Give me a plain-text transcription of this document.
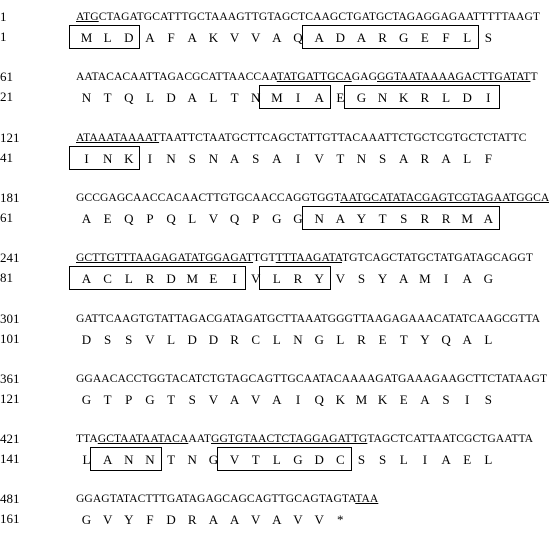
1
1
ATGCTAGATGCATTTGCTAAAGTTGTAGCTCAAGCTGATGCTAGAGGAGAATTTTTAAGT
M L D A F A K V V A Q A D A R G E	F	L	S
61
21
AATACACAATTAGACGCATTAACCAATATGATTGCAGAGGGTAATAAAAGACTTGATATT
N T Q L D A L	T N M	I	A E G N K R L D	I
121
41
ATAAATAAAATTAATTCTAATGCTTCAGCTATTGTTACAAATTCTGCTCGTGCTCTATTC
I	N K	I	N S N A S A	I	V T N S A R A L	F
181
61
GCCGAGCAACCACAACTTGTGCAACCAGGTGGTAATGCATATACGAGTCGTAGAATGGCA
A E Q P Q L V Q P G G N A Y T	S	R R M A
241
81
GCTTGTTTAAGAGATATGGAGATTGTTTTAAGATATGTCAGCTATGCTATGATAGCAGGT
A C L R D M E	I	V L R Y V S Y A M	I	A G
301
101
GATTCAAGTGTATTAGACGATAGATGCTTAAATGGGTTAAGAGAAACATATCAAGCGTTA
D S	S V L D D R C L N G L R E	T Y Q A L
361
121
GGAACACCTGGTACATCTGTAGCAGTTGCAATACAAAAGATGAAAGAAGCTTCTATAAGT
G T	P G T	S V A V A	I	Q K M K E A S	I	S
421
141
TTAGCTAATAATACAAATGGTGTAACTCTAGGAGATTGTAGCTCATTAATCGCTGAATTA
L A N N T N G V T	L G D C	S	S	L	I	A E	L
481
161
GGAGTATACTTTGATAGAGCAGCAGTTGCAGTAGTATAA
G V Y F D R A A V A V V	*
